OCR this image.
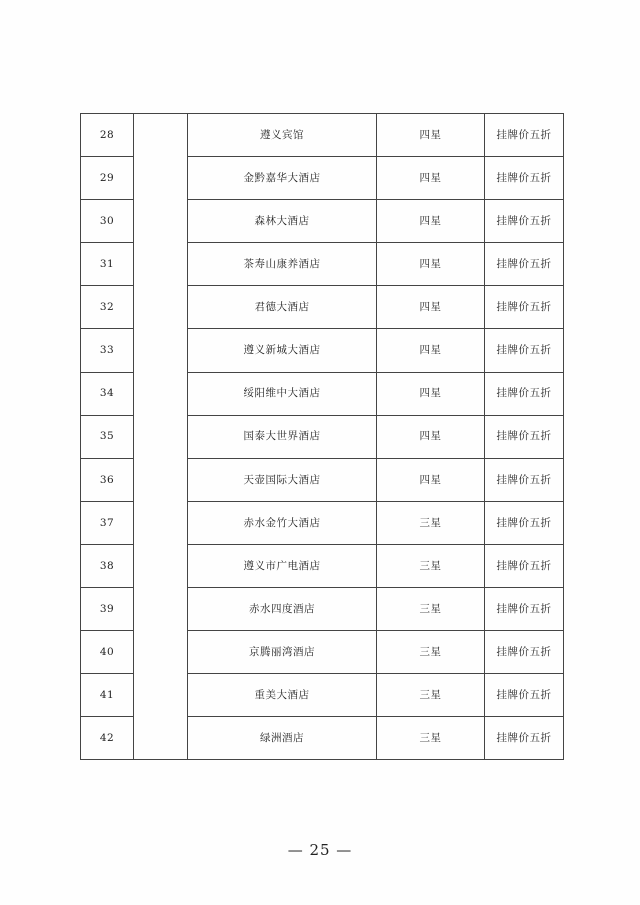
28		遵义宾馆	四星	挂牌价五折
29		金黔嘉华大酒店	四星	挂牌价五折
30		森林大酒店	四星	挂牌价五折
31		茶寿山康养酒店	四星	挂牌价五折
32		君德大酒店	四星	挂牌价五折
33		遵义新城大酒店	四星	挂牌价五折
34		绥阳维中大酒店	四星	挂牌价五折
35		国泰大世界酒店	四星	挂牌价五折
36		天壶国际大酒店	四星	挂牌价五折
37		赤水金竹大酒店	三星	挂牌价五折
38		遵义市广电酒店	三星	挂牌价五折
39		赤水四度酒店	三星	挂牌价五折
40		京腾丽湾酒店	三星	挂牌价五折
41		重美大酒店	三星	挂牌价五折
42		绿洲酒店	三星	挂牌价五折
— 25 —
